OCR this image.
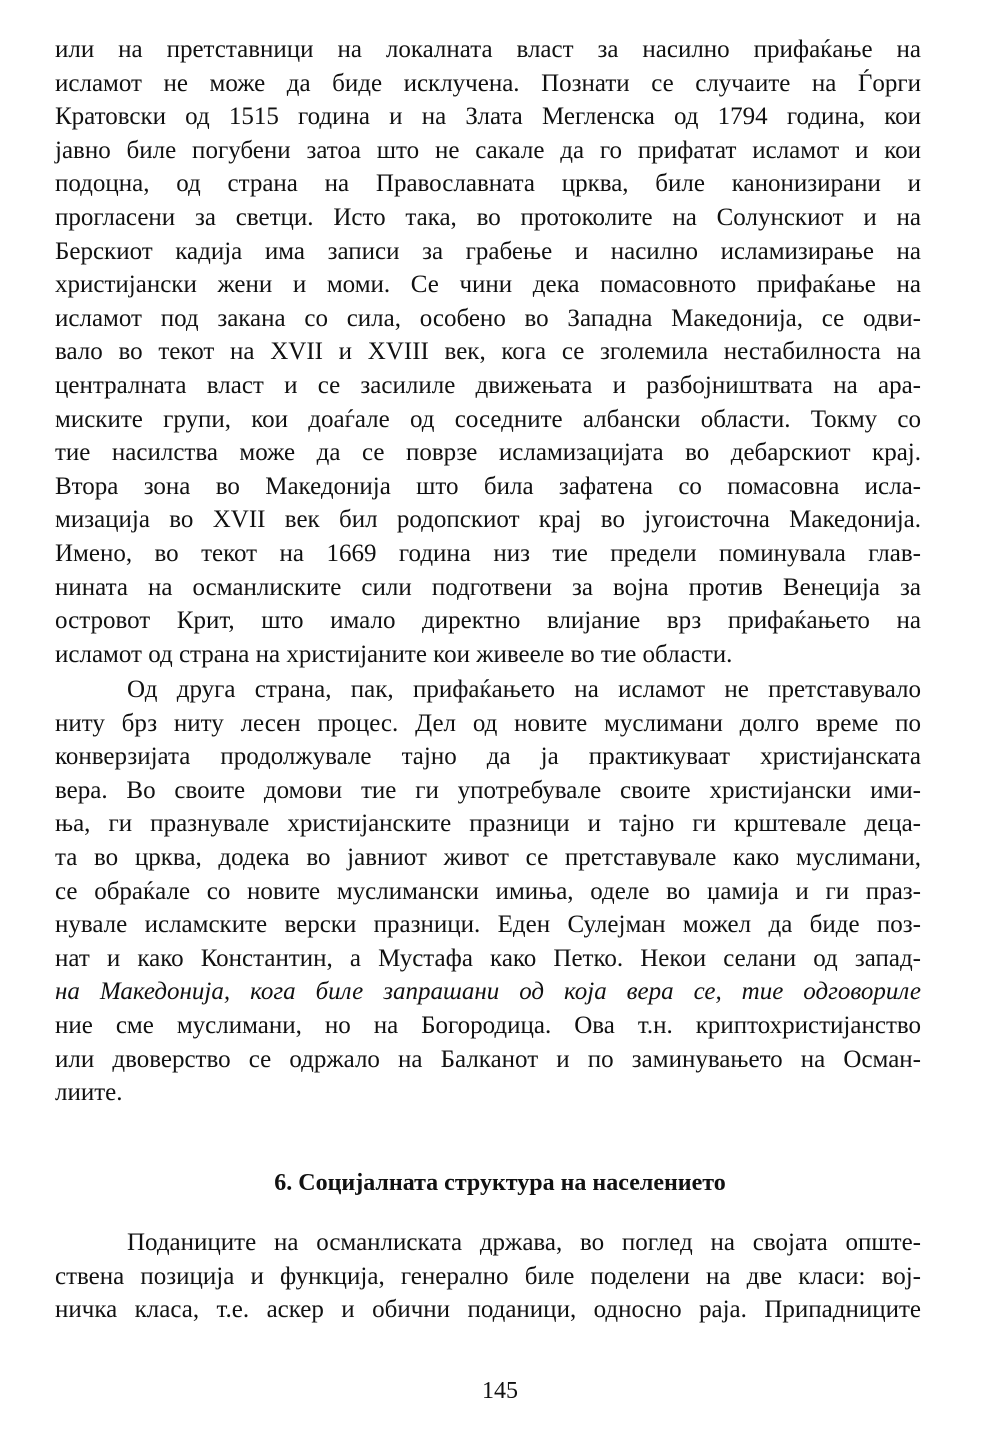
или на претставници на локалната власт за насилно прифаќање на
исламот не може да биде исклучена. Познати се случаите на Ѓорги
Кратовски од 1515 година и на Злата Мегленска од 1794 година, кои
јавно биле погубени затоа што не сакале да го прифатат исламот и кои
подоцна, од страна на Православната црква, биле канонизирани и
прогласени за светци. Исто така, во протоколите на Солунскиот и на
Берскиот кадија има записи за грабење и насилно исламизирање на
христијански жени и моми. Се чини дека помасовното прифаќање на
исламот под закана со сила, особено во Западна Македонија, се одви-
вало во текот на XVII и XVIII век, кога се зголемила нестабилноста на
централната власт и се засилиле движењата и разбојништвата на ара-
миските групи, кои доаѓале од соседните албански области. Токму со
тие насилства може да се поврзе исламизацијата во дебарскиот крај.
Втора зона во Македонија што била зафатена со помасовна исла-
мизација во XVII век бил родопскиот крај во југоисточна Македонија.
Имено, во текот на 1669 година низ тие предели поминувала глав-
нината на османлиските сили подготвени за војна против Венеција за
островот Крит, што имало директно влијание врз прифаќањето на
исламот од страна на христијаните кои живееле во тие области.
Од друга страна, пак, прифаќањето на исламот не претставувало
ниту брз ниту лесен процес. Дел од новите муслимани долго време по
конверзијата продолжувале тајно да ја практикуваат христијанската
вера. Во своите домови тие ги употребувале своите христијански ими-
ња, ги празнувале христијанските празници и тајно ги крштевале деца-
та во црква, додека во јавниот живот се претставувале како муслимани,
се обраќале со новите муслимански имиња, оделе во џамија и ги праз-
нувале исламските верски празници. Еден Сулејман можел да биде поз-
нат и како Константин, а Мустафа како Петко. Некои селани од запад-
на Македонија, кога биле запрашани од која вера се, тие одговориле
ние сме муслимани, но на Богородица. Ова т.н. криптохристијанство
или двоверство се одржало на Балканот и по заминувањето на Осман-
лиите.
6. Социјалната структура на населението
Поданиците на османлиската држава, во поглед на својата опште-
ствена позиција и функција, генерално биле поделени на две класи: вој-
ничка класа, т.е. аскер и обични поданици, односно раја. Припадниците
145
